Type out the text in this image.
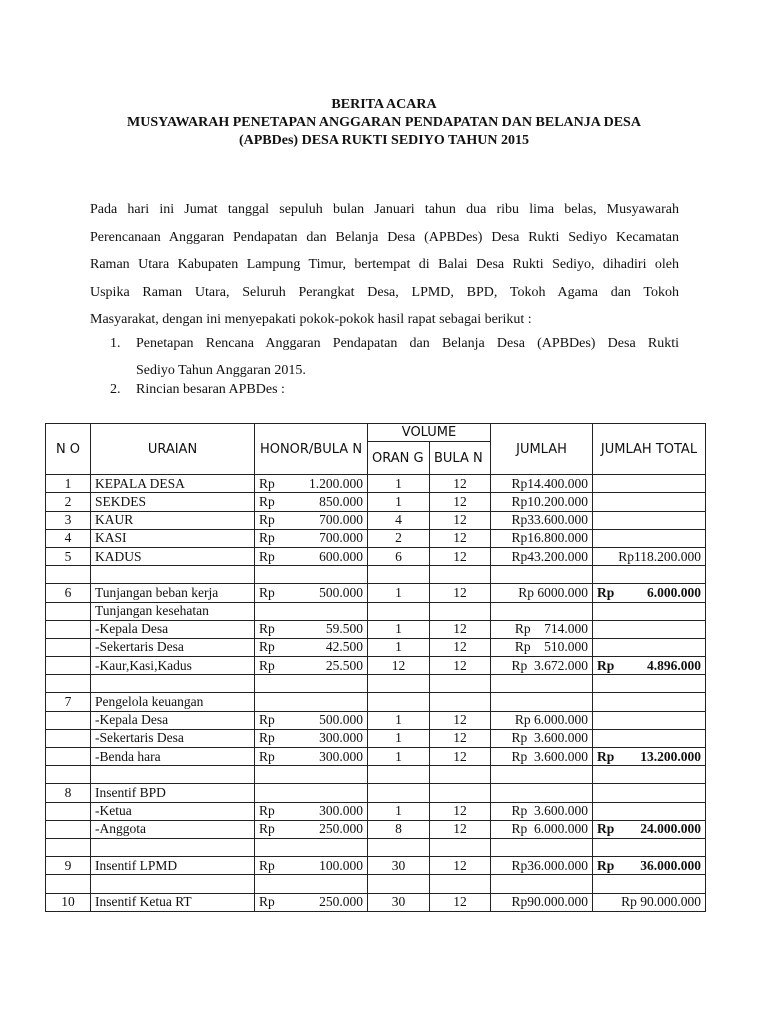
BERITA ACARA
MUSYAWARAH PENETAPAN ANGGARAN PENDAPATAN DAN BELANJA DESA
(APBDes) DESA RUKTI SEDIYO TAHUN 2015
Pada hari ini Jumat tanggal sepuluh bulan Januari tahun dua ribu lima belas, Musyawarah
Perencanaan Anggaran Pendapatan dan Belanja Desa (APBDes) Desa Rukti Sediyo Kecamatan
Raman Utara Kabupaten Lampung Timur, bertempat di Balai Desa Rukti Sediyo, dihadiri oleh
Uspika Raman Utara, Seluruh Perangkat Desa, LPMD, BPD, Tokoh Agama dan Tokoh
Masyarakat, dengan ini menyepakati pokok-pokok hasil rapat sebagai berikut :
1. Penetapan Rencana Anggaran Pendapatan dan Belanja Desa (APBDes) Desa Rukti
Sediyo Tahun Anggaran 2015.
2. Rincian besaran APBDes :
N O	URAIAN	HONOR/BULA N	VOLUME		JUMLAH	JUMLAH TOTAL
			ORAN G	BULA N		
1	KEPALA DESA	Rp 1.200.000	1	12	Rp14.400.000	
2	SEKDES	Rp 850.000	1	12	Rp10.200.000	
3	KAUR	Rp 700.000	4	12	Rp33.600.000	
4	KASI	Rp 700.000	2	12	Rp16.800.000	
5	KADUS	Rp 600.000	6	12	Rp43.200.000	Rp118.200.000

6	Tunjangan beban kerja	Rp 500.000	1	12	Rp 6000.000	Rp 6.000.000

	Tunjangan kesehatan	

	-Kepala Desa	Rp 59.500	1	12	Rp    714.000	
	-Sekertaris Desa	Rp 42.500	1	12	Rp    510.000	
	-Kaur,Kasi,Kadus	Rp 25.500	12	12	Rp  3.672.000	Rp 4.896.000

7	Pengelola keuangan	

	-Kepala Desa	Rp 500.000	1	12	Rp 6.000.000	
	-Sekertaris Desa	Rp 300.000	1	12	Rp  3.600.000	
	-Benda hara	Rp 300.000	1	12	Rp  3.600.000	Rp 13.200.000

8	Insentif BPD	

	-Ketua	Rp 300.000	1	12	Rp  3.600.000	
	-Anggota	Rp 250.000	8	12	Rp  6.000.000	Rp 24.000.000

9	Insentif LPMD	Rp 100.000	30	12	Rp36.000.000	Rp 36.000.000

10	Insentif Ketua RT	Rp 250.000	30	12	Rp90.000.000	Rp 90.000.000
